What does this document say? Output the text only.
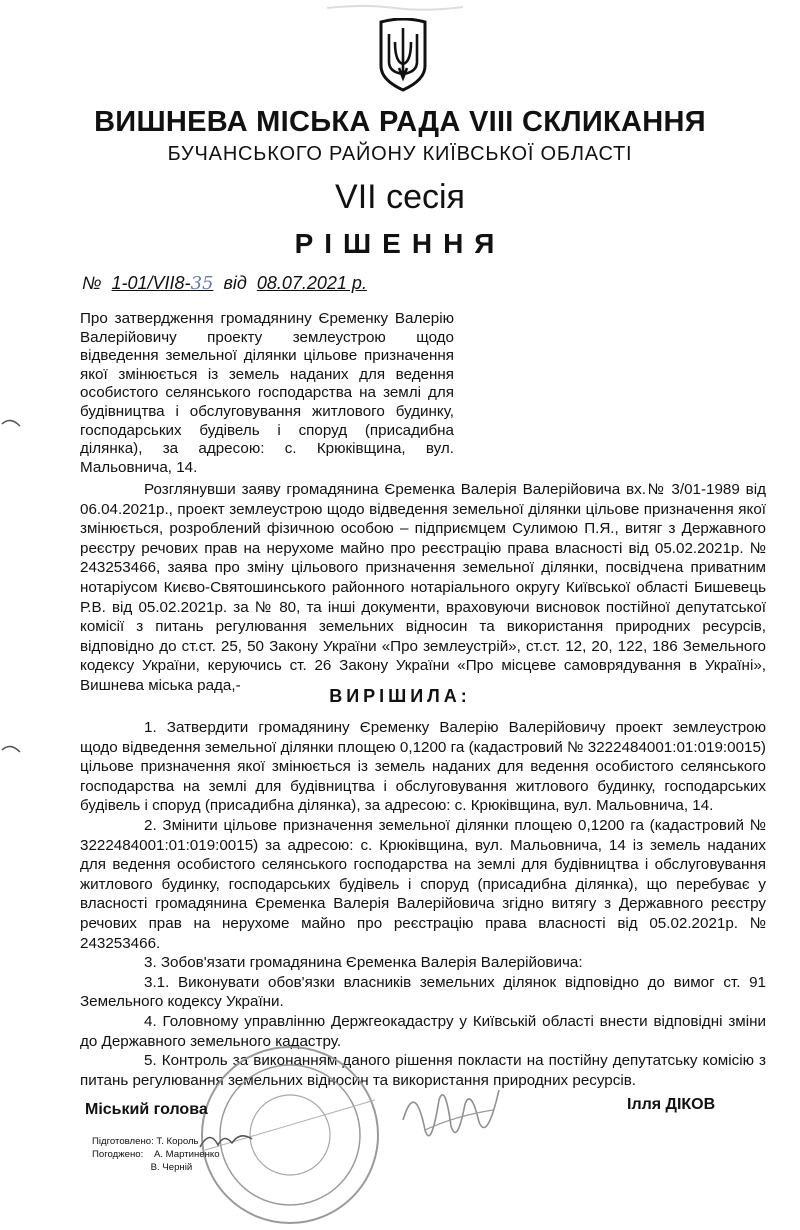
ВИШНЕВА МІСЬКА РАДА VIII СКЛИКАННЯ
БУЧАНСЬКОГО РАЙОНУ КИЇВСЬКОЇ ОБЛАСТІ
VII сесія
РІШЕННЯ
№ 1-01/VII8-35 від 08.07.2021 р.
Про затвердження громадянину Єременку Валерію Валерійовичу проекту землеустрою щодо відведення земельної ділянки цільове призначення якої змінюється із земель наданих для ведення особистого селянського господарства на землі для будівництва і обслуговування житлового будинку, господарських будівель і споруд (присадибна ділянка), за адресою: с. Крюківщина, вул. Мальовнича, 14.

Розглянувши заяву громадянина Єременка Валерія Валерійовича вх.№ 3/01-1989 від 06.04.2021р., проект землеустрою щодо відведення земельної ділянки цільове призначення якої змінюється, розроблений фізичною особою – підприємцем Сулимою П.Я., витяг з Державного реєстру речових прав на нерухоме майно про реєстрацію права власності від 05.02.2021р. № 243253466, заява про зміну цільового призначення земельної ділянки, посвідчена приватним нотаріусом Києво-Святошинського районного нотаріального округу Київської області Бишевець Р.В. від 05.02.2021р. за № 80, та інші документи, враховуючи висновок постійної депутатської комісії з питань регулювання земельних відносин та використання природних ресурсів, відповідно до ст.ст. 25, 50 Закону України «Про землеустрій», ст.ст. 12, 20, 122, 186 Земельного кодексу України, керуючись ст. 26 Закону України «Про місцеве самоврядування в Україні», Вишнева міська рада,-

ВИРІШИЛА:

1. Затвердити громадянину Єременку Валерію Валерійовичу проект землеустрою щодо відведення земельної ділянки площею 0,1200 га (кадастровий № 3222484001:01:019:0015) цільове призначення якої змінюється із земель наданих для ведення особистого селянського господарства на землі для будівництва і обслуговування житлового будинку, господарських будівель і споруд (присадибна ділянка), за адресою: с. Крюківщина, вул. Мальовнича, 14.

2. Змінити цільове призначення земельної ділянки площею 0,1200 га (кадастровий № 3222484001:01:019:0015) за адресою: с. Крюківщина, вул. Мальовнича, 14 із земель наданих для ведення особистого селянського господарства на землі для будівництва і обслуговування житлового будинку, господарських будівель і споруд (присадибна ділянка), що перебуває у власності громадянина Єременка Валерія Валерійовича згідно витягу з Державного реєстру речових прав на нерухоме майно про реєстрацію права власності від 05.02.2021р. № 243253466.

3. Зобов'язати громадянина Єременка Валерія Валерійовича:

3.1. Виконувати обов'язки власників земельних ділянок відповідно до вимог ст. 91 Земельного кодексу України.

4. Головному управлінню Держгеокадастру у Київській області внести відповідні зміни до Державного земельного кадастру.

5. Контроль за виконанням даного рішення покласти на постійну депутатську комісію з питань регулювання земельних відносин та використання природних ресурсів.

Міський голова	Ілля ДІКОВ
Підготовлено: Т. Король
Погоджено:    А. Мартиненко
В. Черній
